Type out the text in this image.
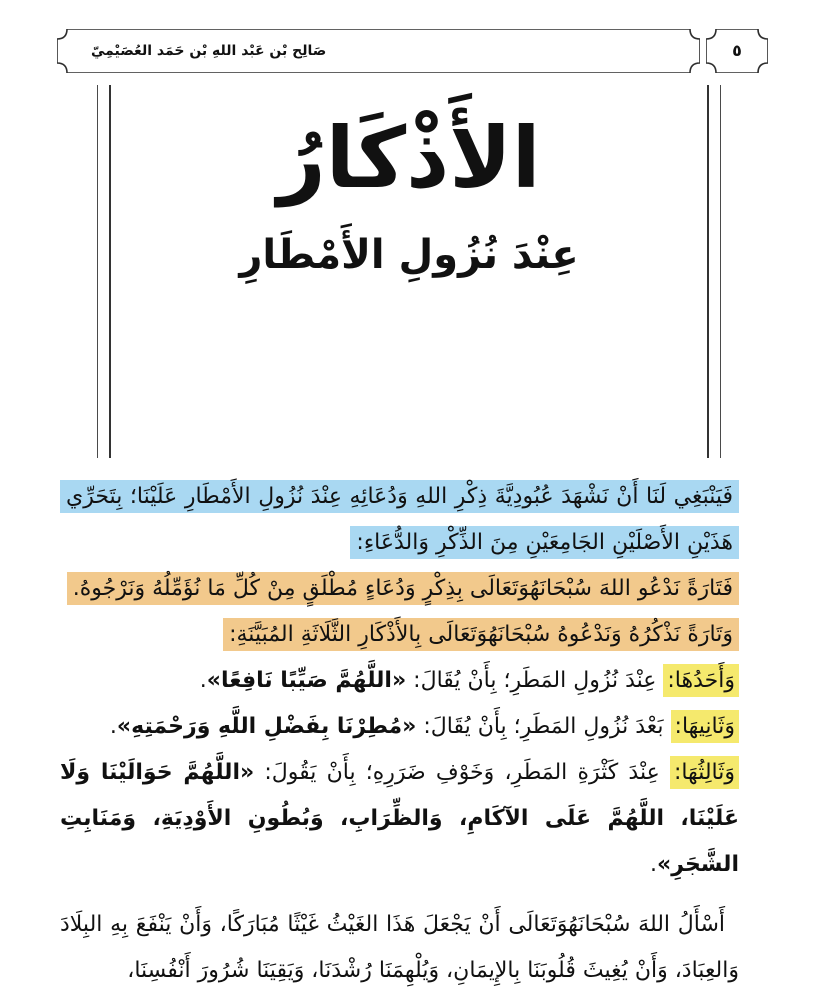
صَالِح بْن عَبْد اللهِ بْن حَمَد العُصَيْمِيّ	٥
الأَذْكَارُ
عِنْدَ نُزُولِ الأَمْطَارِ

فَيَنْبَغِي لَنَا أَنْ نَشْهَدَ عُبُودِيَّةَ ذِكْرِ اللهِ وَدُعَائِهِ عِنْدَ نُزُولِ الأَمْطَارِ عَلَيْنَا؛ بِتَحَرِّي هَذَيْنِ الأَصْلَيْنِ الجَامِعَيْنِ مِنَ الذِّكْرِ وَالدُّعَاءِ:

فَتَارَةً نَدْعُو اللهَ سُبْحَانَهُوَتَعَالَى بِذِكْرٍ وَدُعَاءٍ مُطْلَقٍ مِنْ كُلِّ مَا نُؤَمِّلُهُ وَنَرْجُوهُ.

وَتَارَةً نَذْكُرُهُ وَنَدْعُوهُ سُبْحَانَهُوَتَعَالَى بِالأَذْكَارِ الثَّلَاثَةِ المُبَيَّنَةِ:

وَأَحَدُهَا: عِنْدَ نُزُولِ المَطَرِ؛ بِأَنْ يُقَالَ: «اللَّهُمَّ صَيِّبًا نَافِعًا».

وَثَانِيهَا: بَعْدَ نُزُولِ المَطَرِ؛ بِأَنْ يُقَالَ: «مُطِرْنَا بِفَضْلِ اللَّهِ وَرَحْمَتِهِ».

وَثَالِثُهَا: عِنْدَ كَثْرَةِ المَطَرِ، وَخَوْفِ ضَرَرِهِ؛ بِأَنْ يَقُولَ: «اللَّهُمَّ حَوَالَيْنَا وَلَا عَلَيْنَا، اللَّهُمَّ عَلَى الآكَامِ، وَالظِّرَابِ، وَبُطُونِ الأَوْدِيَةِ، وَمَنَابِتِ الشَّجَرِ».

أَسْأَلُ اللهَ سُبْحَانَهُوَتَعَالَى أَنْ يَجْعَلَ هَذَا الغَيْثُ غَيْثًا مُبَارَكًا، وَأَنْ يَنْفَعَ بِهِ البِلَادَ وَالعِبَادَ، وَأَنْ يُغِيثَ قُلُوبَنَا بِالإِيمَانِ، وَيُلْهِمَنَا رُشْدَنَا، وَيَقِيَنَا شُرُورَ أَنْفُسِنَا،
